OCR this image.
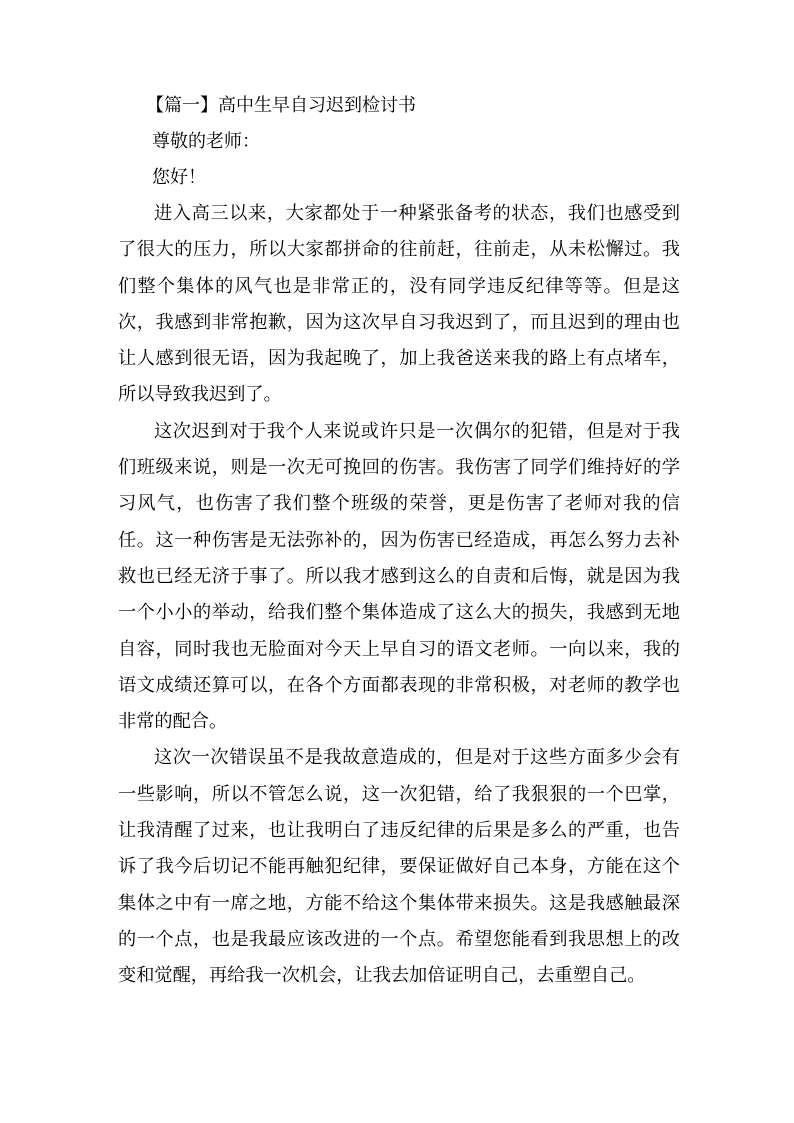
【篇一】高中生早自习迟到检讨书

尊敬的老师：

您好！

进入高三以来，大家都处于一种紧张备考的状态，我们也感受到了很大的压力，所以大家都拼命的往前赶，往前走，从未松懈过。我们整个集体的风气也是非常正的，没有同学违反纪律等等。但是这次，我感到非常抱歉，因为这次早自习我迟到了，而且迟到的理由也让人感到很无语，因为我起晚了，加上我爸送来我的路上有点堵车，所以导致我迟到了。

这次迟到对于我个人来说或许只是一次偶尔的犯错，但是对于我们班级来说，则是一次无可挽回的伤害。我伤害了同学们维持好的学习风气，也伤害了我们整个班级的荣誉，更是伤害了老师对我的信任。这一种伤害是无法弥补的，因为伤害已经造成，再怎么努力去补救也已经无济于事了。所以我才感到这么的自责和后悔，就是因为我一个小小的举动，给我们整个集体造成了这么大的损失，我感到无地自容，同时我也无脸面对今天上早自习的语文老师。一向以来，我的语文成绩还算可以，在各个方面都表现的非常积极，对老师的教学也非常的配合。

这次一次错误虽不是我故意造成的，但是对于这些方面多少会有一些影响，所以不管怎么说，这一次犯错，给了我狠狠的一个巴掌，让我清醒了过来，也让我明白了违反纪律的后果是多么的严重，也告诉了我今后切记不能再触犯纪律，要保证做好自己本身，方能在这个集体之中有一席之地，方能不给这个集体带来损失。这是我感触最深的一个点，也是我最应该改进的一个点。希望您能看到我思想上的改变和觉醒，再给我一次机会，让我去加倍证明自己，去重塑自己。
